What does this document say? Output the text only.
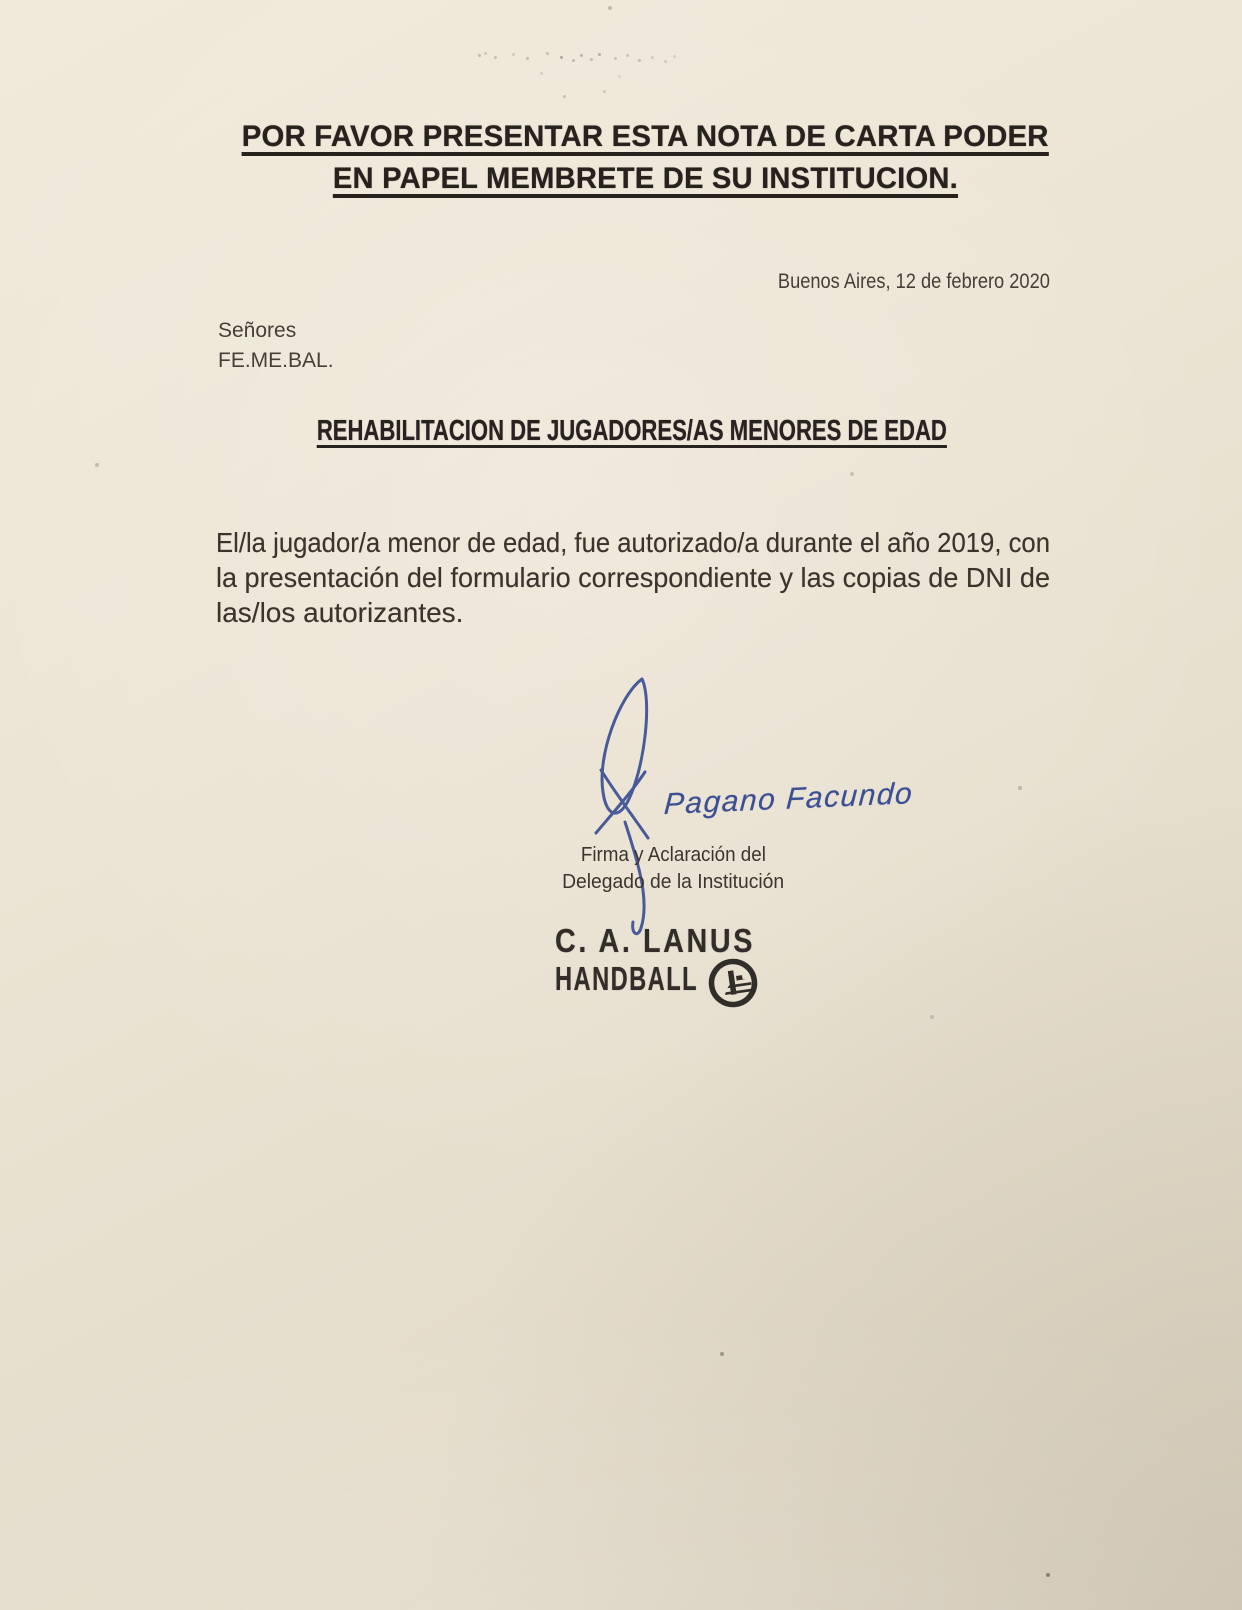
POR FAVOR PRESENTAR ESTA NOTA DE CARTA PODER
EN PAPEL MEMBRETE DE SU INSTITUCION.
Buenos Aires, 12 de febrero 2020
Señores
FE.ME.BAL.
REHABILITACION DE JUGADORES/AS MENORES DE EDAD
El/la jugador/a menor de edad, fue autorizado/a durante el año 2019, con
la presentación del formulario correspondiente y las copias de DNI de
las/los autorizantes.
Pagano Facundo
Firma y Aclaración del
Delegado de la Institución
C. A. LANUS
HANDBALL
